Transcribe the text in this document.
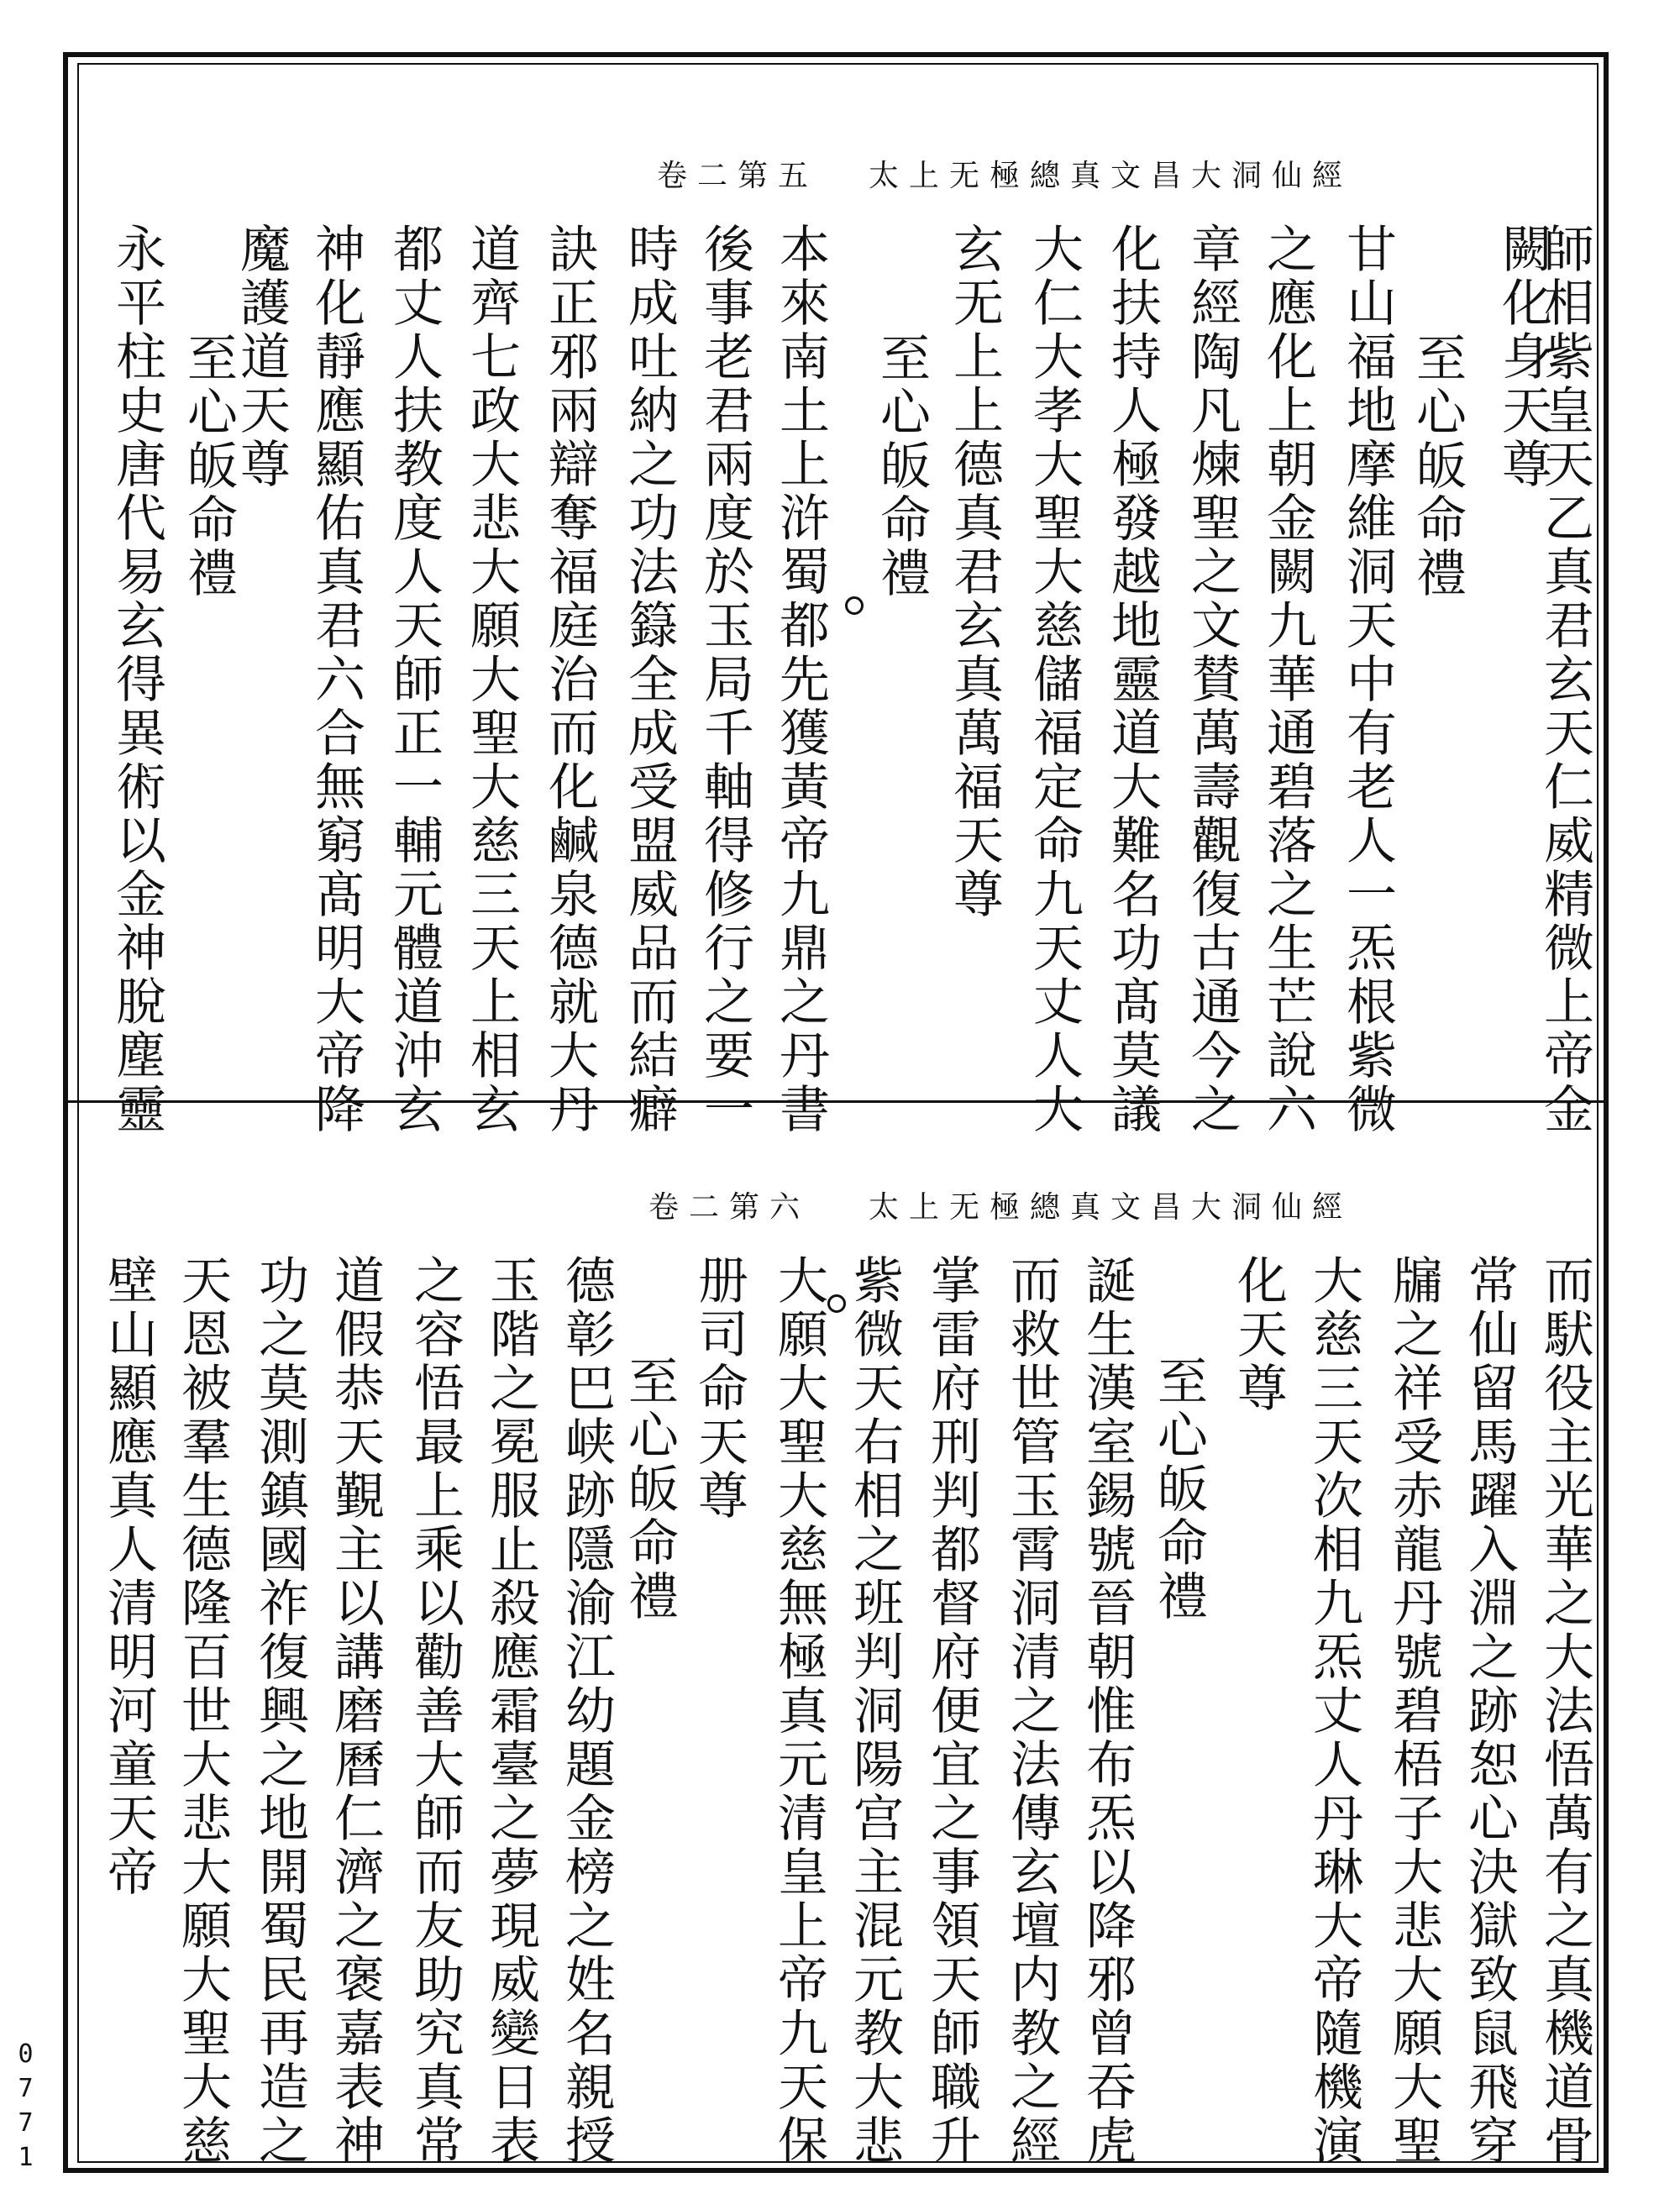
太上无極總真文昌大洞仙經
卷二第五
師相紫皇天乙真君玄天仁威精微上帝金
闕化身天尊
至心皈命禮
甘山福地摩維洞天中有老人一炁根紫微
之應化上朝金闕九華通碧落之生芒說六
章經陶凡煉聖之文賛萬壽觀復古通今之
化扶持人極發越地靈道大難名功髙莫議
大仁大孝大聖大慈儲福定命九天丈人大
玄无上上德真君玄真萬福天尊
至心皈命禮
本來南土上浒蜀都先獲黃帝九鼎之丹書
後事老君兩度於玉局千軸得修行之要一
時成吐納之功法籙全成受盟威品而結癖
訣正邪兩辯奪福庭治而化鹹泉德就大丹
道齊七政大悲大願大聖大慈三天上相玄
都丈人扶教度人天師正一輔元體道沖玄
神化靜應顯佑真君六合無窮髙明大帝降
魔護道天尊
至心皈命禮
永平柱史唐代易玄得異術以金神脫塵靈
太上无極總真文昌大洞仙經
卷二第六
而䭾役主光華之大法悟萬有之真機道骨
常仙留馬躍入淵之跡恕心決獄致鼠飛穿
牖之祥受赤龍丹號碧梧子大悲大願大聖
大慈三天次相九炁丈人丹琳大帝隨機演
化天尊
至心皈命禮
誕生漢室錫號晉朝惟布炁以降邪曾吞虎
而救世管玉霄洞清之法傳玄壇内教之經
掌雷府刑判都督府便宜之事領天師職升
紫微天右相之班判洞陽宫主混元教大悲
大願大聖大慈無極真元清皇上帝九天保
册司命天尊
至心皈命禮
德彰巴峡跡隱渝江幼題金榜之姓名親授
玉階之冕服止殺應霜臺之夢現威變日表
之容悟最上乘以勸善大師而友助究真常
道假恭天覲主以講磨曆仁濟之褒嘉表神
功之莫測鎮國祚復興之地開蜀民再造之
天恩被羣生德隆百世大悲大願大聖大慈
壁山顯應真人清明河童天帝
0771
